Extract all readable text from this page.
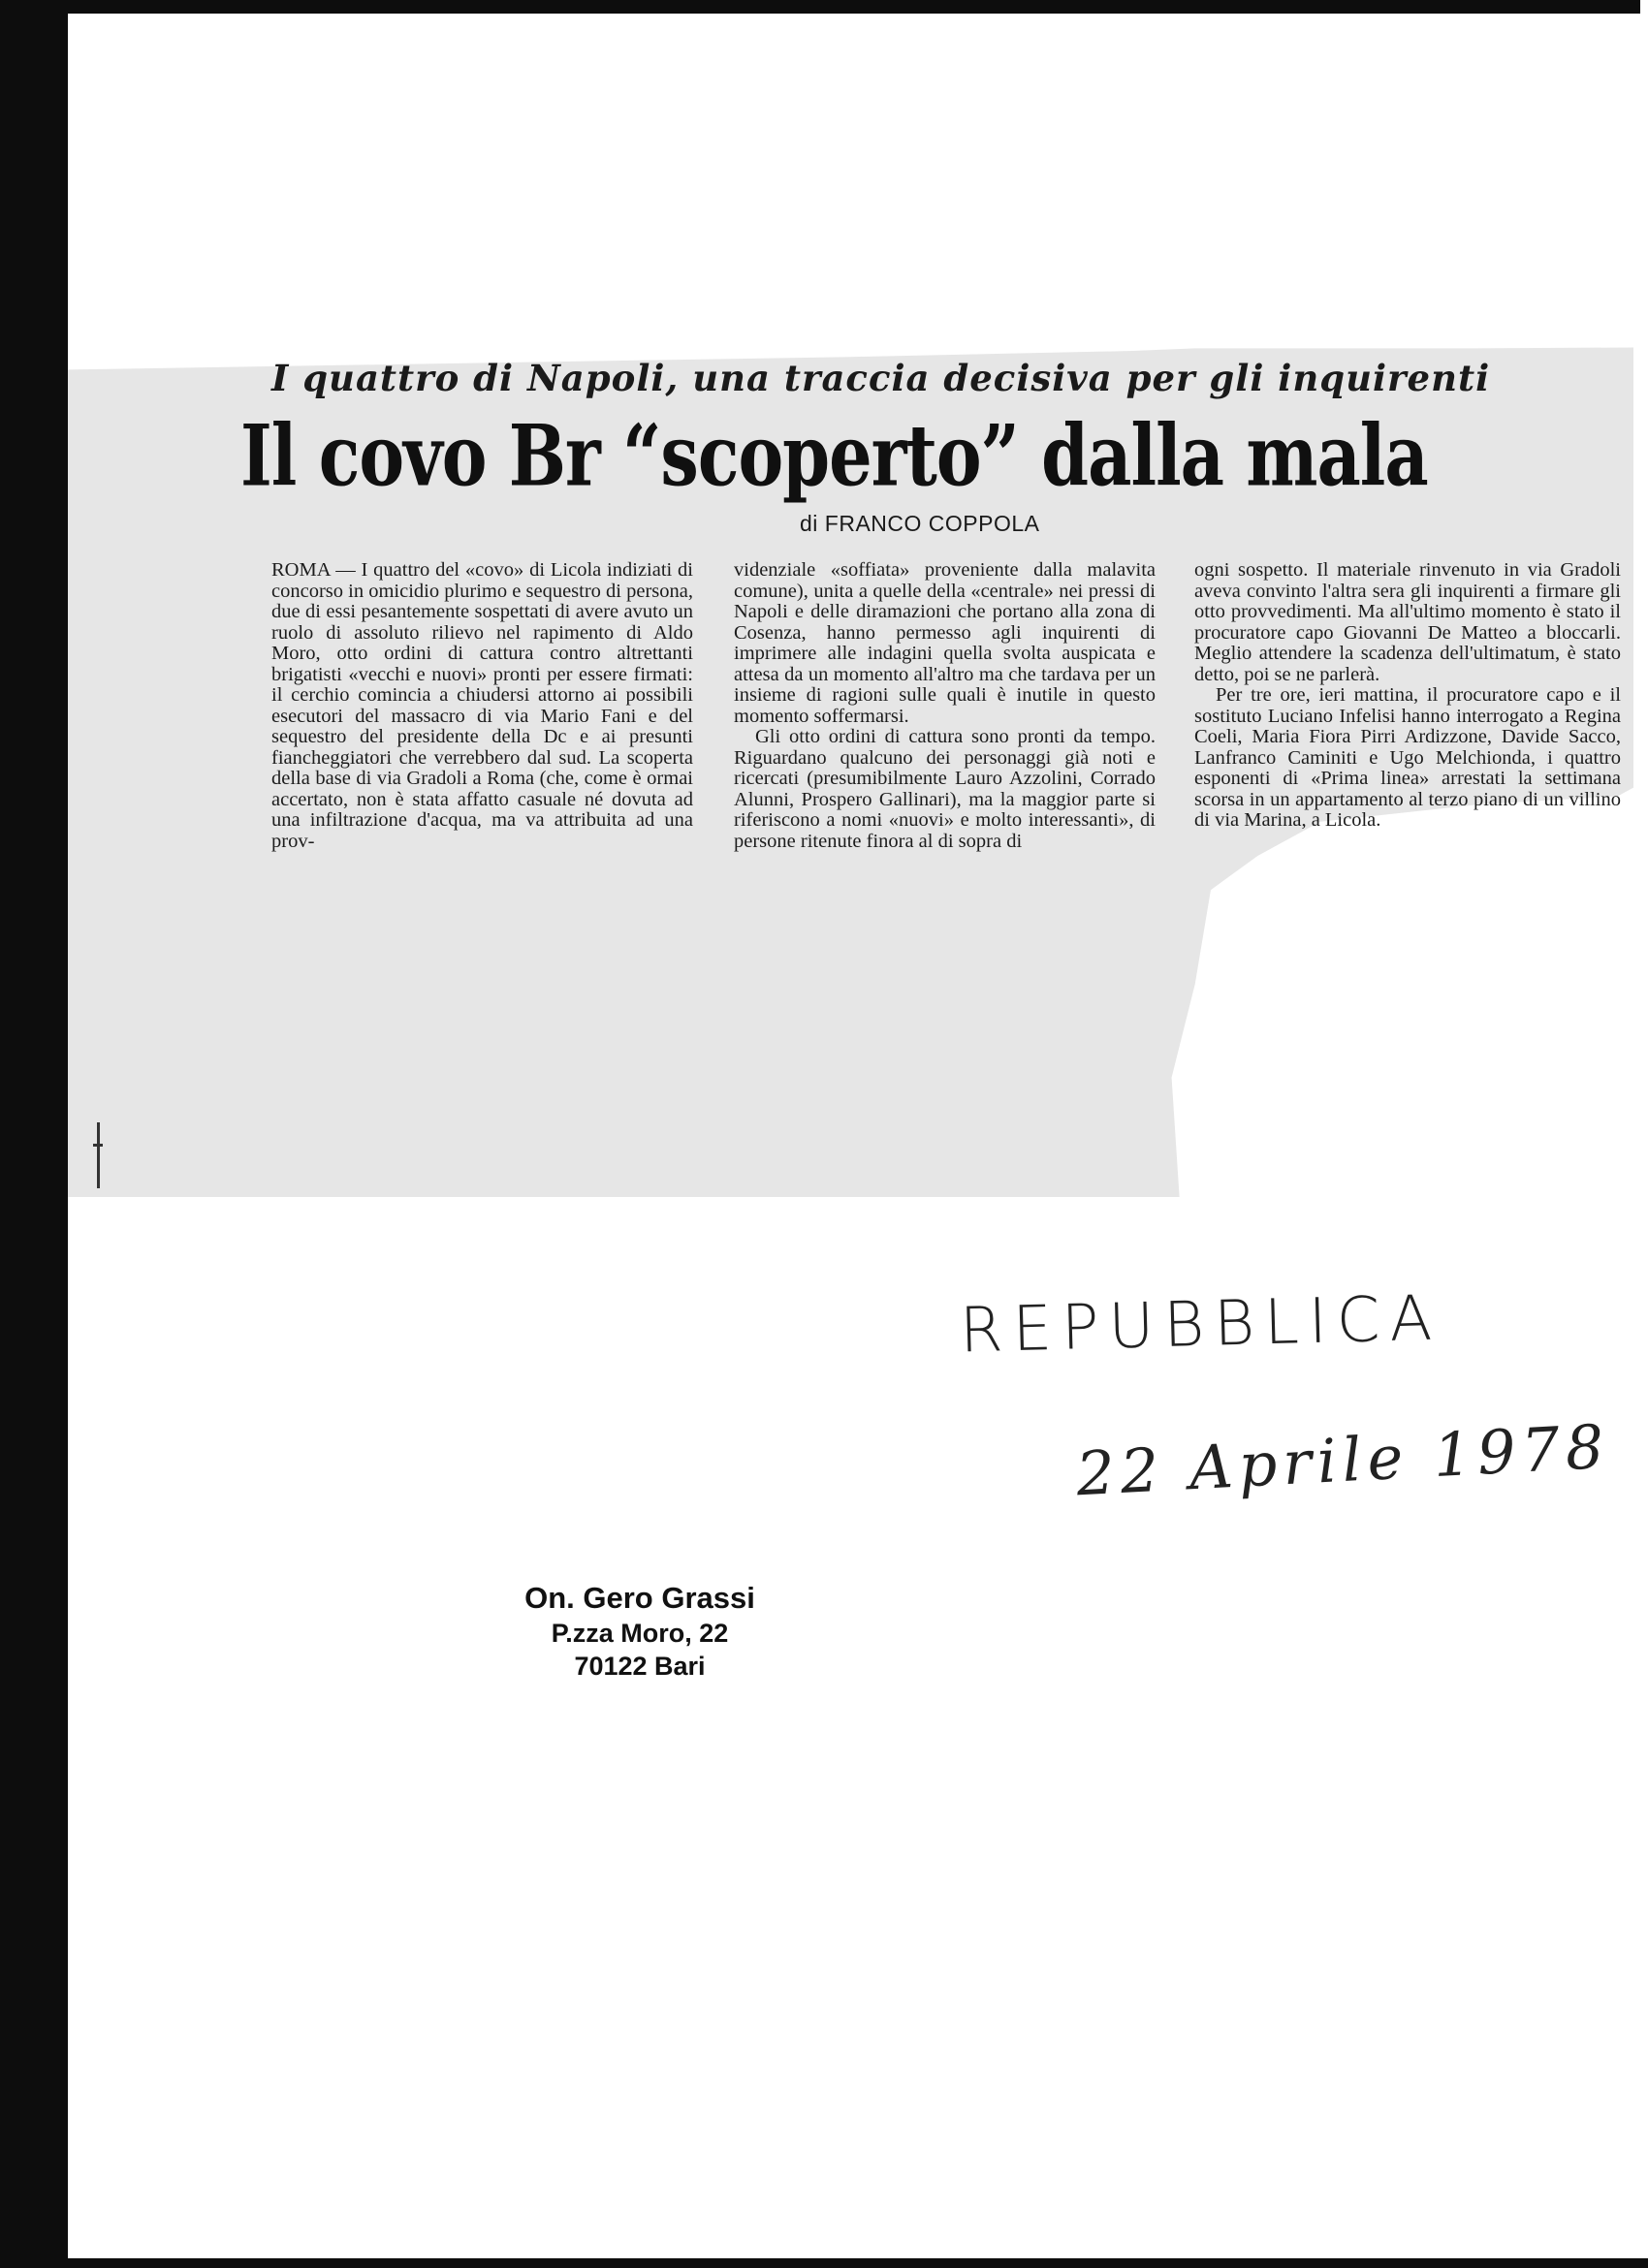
I quattro di Napoli, una traccia decisiva per gli inquirenti
Il covo Br “scoperto” dalla mala
di FRANCO COPPOLA

ROMA — I quattro del «covo» di Licola indiziati di concorso in omicidio plurimo e sequestro di persona, due di essi pesantemente sospettati di avere avuto un ruolo di assoluto rilievo nel rapimento di Aldo Moro, otto ordini di cattura contro altrettanti brigatisti «vecchi e nuovi» pronti per essere firmati: il cerchio comincia a chiudersi attorno ai possibili esecutori del massacro di via Mario Fani e del sequestro del presidente della Dc e ai presunti fiancheggiatori che verrebbero dal sud. La scoperta della base di via Gradoli a Roma (che, come è ormai accertato, non è stata affatto casuale né dovuta ad una infiltrazione d'acqua, ma va attribuita ad una prov-

videnziale «soffiata» proveniente dalla malavita comune), unita a quelle della «centrale» nei pressi di Napoli e delle diramazioni che portano alla zona di Cosenza, hanno permesso agli inquirenti di imprimere alle indagini quella svolta auspicata e attesa da un momento all'altro ma che tardava per un insieme di ragioni sulle quali è inutile in questo momento soffermarsi.

Gli otto ordini di cattura sono pronti da tempo. Riguardano qualcuno dei personaggi già noti e ricercati (presumibilmente Lauro Azzolini, Corrado Alunni, Prospero Gallinari), ma la maggior parte si riferiscono a nomi «nuovi» e molto interessanti», di persone ritenute finora al di sopra di

ogni sospetto. Il materiale rinvenuto in via Gradoli aveva convinto l'altra sera gli inquirenti a firmare gli otto provvedimenti. Ma all'ultimo momento è stato il procuratore capo Giovanni De Matteo a bloccarli. Meglio attendere la scadenza dell'ultimatum, è stato detto, poi se ne parlerà.

Per tre ore, ieri mattina, il procuratore capo e il sostituto Luciano Infelisi hanno interrogato a Regina Coeli, Maria Fiora Pirri Ardizzone, Davide Sacco, Lanfranco Caminiti e Ugo Melchionda, i quattro esponenti di «Prima linea» arrestati la settimana scorsa in un appartamento al terzo piano di un villino di via Marina, a Licola.

REPUBBLICA
22 Aprile 1978
On. Gero Grassi
P.zza Moro, 22
70122 Bari
